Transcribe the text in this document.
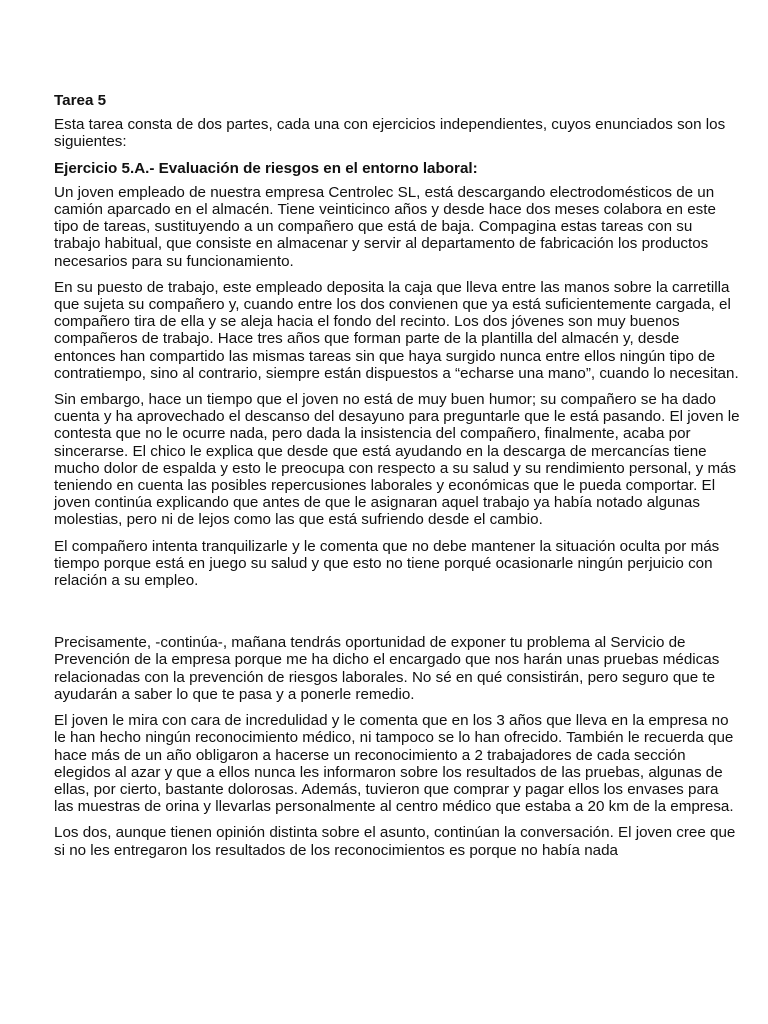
Tarea 5
Esta tarea consta de dos partes, cada una con ejercicios independientes, cuyos enunciados son los siguientes:
Ejercicio 5.A.- Evaluación de riesgos en el entorno laboral:
Un joven empleado de nuestra empresa Centrolec SL, está descargando electrodomésticos de un camión aparcado en el almacén. Tiene veinticinco años y desde hace dos meses colabora en este tipo de tareas, sustituyendo a un compañero que está de baja. Compagina estas tareas con su trabajo habitual, que consiste en almacenar y servir al departamento de fabricación los productos necesarios para su funcionamiento.
En su puesto de trabajo, este empleado deposita la caja que lleva entre las manos sobre la carretilla que sujeta su compañero y, cuando entre los dos convienen que ya está suficientemente cargada, el compañero tira de ella y se aleja hacia el fondo del recinto. Los dos jóvenes son muy buenos compañeros de trabajo. Hace tres años que forman parte de la plantilla del almacén y, desde entonces han compartido las mismas tareas sin que haya surgido nunca entre ellos ningún tipo de contratiempo, sino al contrario, siempre están dispuestos a “echarse una mano”, cuando lo necesitan.
Sin embargo, hace un tiempo que el joven no está de muy buen humor; su compañero se ha dado cuenta y ha aprovechado el descanso del desayuno para preguntarle que le está pasando. El joven le contesta que no le ocurre nada, pero dada la insistencia del compañero, finalmente, acaba por sincerarse. El chico le explica que desde que está ayudando en la descarga de mercancías tiene mucho dolor de espalda y esto le preocupa con respecto a su salud y su rendimiento personal, y más teniendo en cuenta las posibles repercusiones laborales y económicas que le pueda comportar. El joven continúa explicando que antes de que le asignaran aquel trabajo ya había notado algunas molestias, pero ni de lejos como las que está sufriendo desde el cambio.
El compañero intenta tranquilizarle y le comenta que no debe mantener la situación oculta por más tiempo porque está en juego su salud y que esto no tiene porqué ocasionarle ningún perjuicio con relación a su empleo.
Precisamente, -continúa-, mañana tendrás oportunidad de exponer tu problema al Servicio de Prevención de la empresa porque me ha dicho el encargado que nos harán unas pruebas médicas relacionadas con la prevención de riesgos laborales. No sé en qué consistirán, pero seguro que te ayudarán a saber lo que te pasa y a ponerle remedio.
El joven le mira con cara de incredulidad y le comenta que en los 3 años que lleva en la empresa no le han hecho ningún reconocimiento médico, ni tampoco se lo han ofrecido. También le recuerda que hace más de un año obligaron a hacerse un reconocimiento a 2 trabajadores de cada sección elegidos al azar y que a ellos nunca les informaron sobre los resultados de las pruebas, algunas de ellas, por cierto, bastante dolorosas. Además, tuvieron que comprar y pagar ellos los envases para las muestras de orina y llevarlas personalmente al centro médico que estaba a 20 km de la empresa.
Los dos, aunque tienen opinión distinta sobre el asunto, continúan la conversación. El joven cree que si no les entregaron los resultados de los reconocimientos es porque no había nada
